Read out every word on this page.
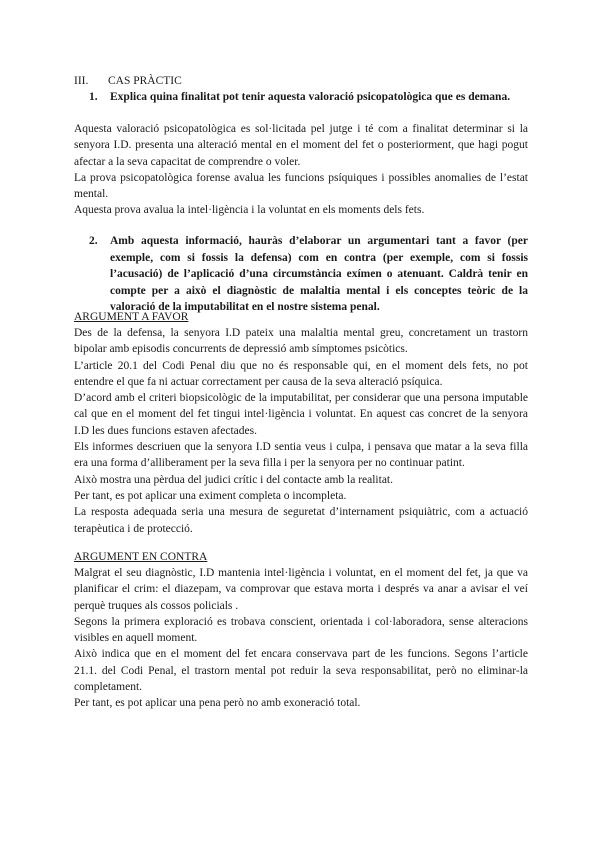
III. CAS PRÀCTIC
1.	Explica quina finalitat pot tenir aquesta valoració psicopatològica que es demana.

Aquesta valoració psicopatològica es sol·licitada pel jutge i té com a finalitat determinar si la senyora I.D. presenta una alteració mental en el moment del fet o posteriorment, que hagi pogut afectar a la seva capacitat de comprendre o voler.

La prova psicopatològica forense avalua les funcions psíquiques i possibles anomalies de l’estat mental.

Aquesta prova avalua la intel·ligència i la voluntat en els moments dels fets.

2.	Amb aquesta informació, hauràs d’elaborar un argumentari tant a favor (per exemple, com si fossis la defensa) com en contra (per exemple, com si fossis l’acusació) de l’aplicació d’una circumstància exímen o atenuant. Caldrà tenir en compte per a això el diagnòstic de malaltia mental i els conceptes teòric de la valoració de la imputabilitat en el nostre sistema penal.

ARGUMENT A FAVOR

Des de la defensa, la senyora I.D pateix una malaltia mental greu, concretament un trastorn bipolar amb episodis concurrents de depressió amb símptomes psicòtics.

L’article 20.1 del Codi Penal diu que no és responsable qui, en el moment dels fets, no pot entendre el que fa ni actuar correctament per causa de la seva alteració psíquica.

D’acord amb el criteri biopsicològic de la imputabilitat, per considerar que una persona imputable cal que en el moment del fet tingui intel·ligència i voluntat. En aquest cas concret de la senyora I.D les dues funcions estaven afectades.

Els informes descriuen que la senyora I.D sentia veus i culpa, i pensava que matar a la seva filla era una forma d’alliberament per la seva filla i per la senyora per no continuar patint.

Això mostra una pèrdua del judici crític i del contacte amb la realitat.

Per tant, es pot aplicar una eximent completa o incompleta.

La resposta adequada seria una mesura de seguretat d’internament psiquiàtric, com a actuació terapèutica i de protecció.

ARGUMENT EN CONTRA

Malgrat el seu diagnòstic, I.D mantenia intel·ligència i voluntat, en el moment del fet, ja que va planificar el crim: el diazepam, va comprovar que estava morta i després va anar a avisar el veí perquè truques als cossos policials .

Segons la primera exploració es trobava conscient, orientada i col·laboradora, sense alteracions visibles en aquell moment.

Això indica que en el moment del fet encara conservava part de les funcions. Segons l’article 21.1. del Codi Penal, el trastorn mental pot reduir la seva responsabilitat, però no eliminar-la completament.

Per tant, es pot aplicar una pena però no amb exoneració total.
